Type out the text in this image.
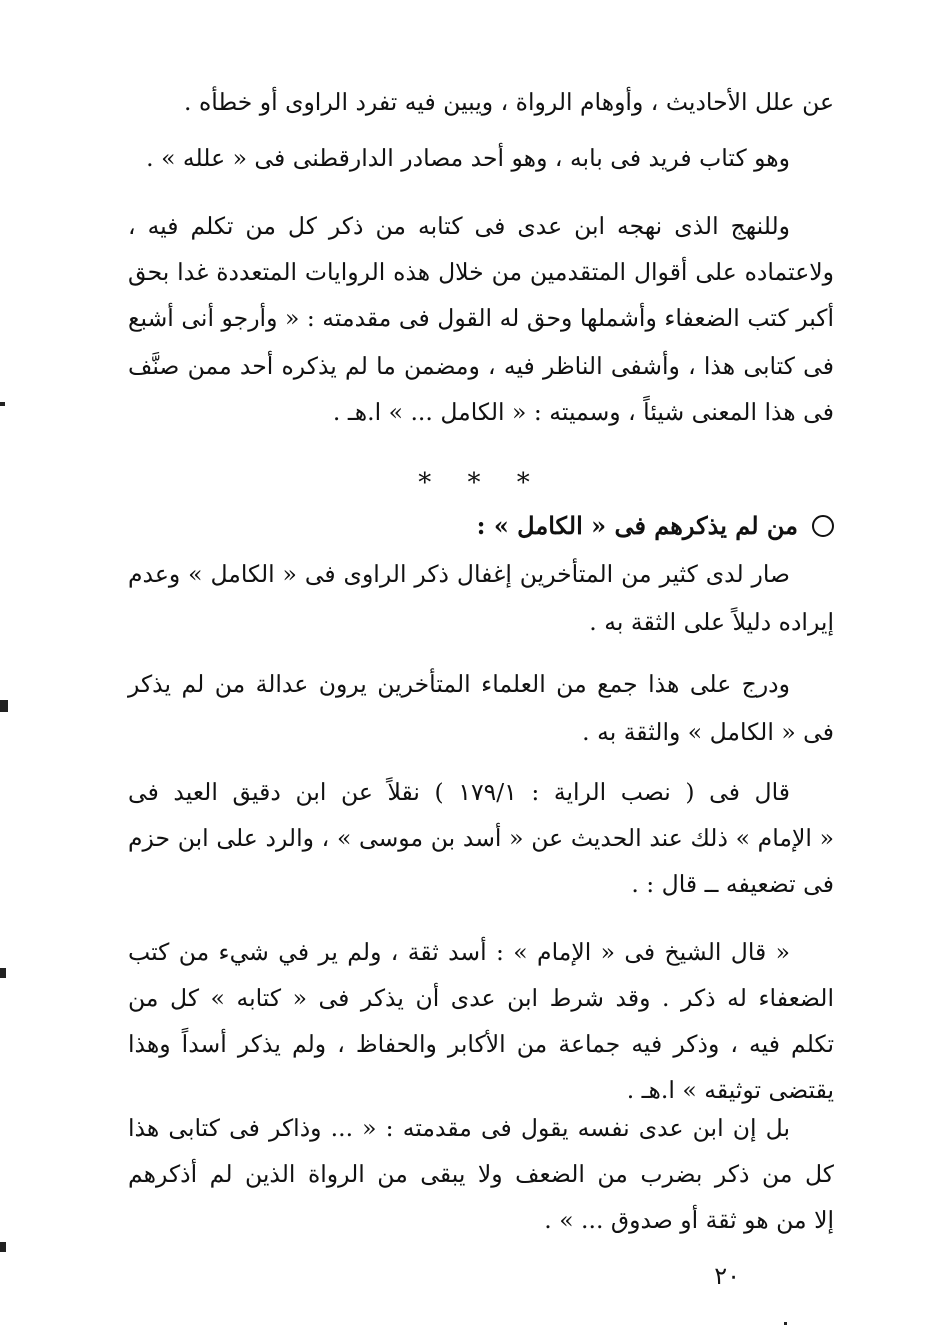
عن علل الأحاديث ، وأوهام الرواة ، ويبين فيه تفرد الراوى أو خطأه .
وهو كتاب فريد فى بابه ، وهو أحد مصادر الدارقطنى فى « علله » .
وللنهج الذى نهجه ابن عدى فى كتابه من ذكر كل من تكلم فيه ،
ولاعتماده على أقوال المتقدمين من خلال هذه الروايات المتعددة غدا بحق
أكبر كتب الضعفاء وأشملها وحق له القول فى مقدمته : « وأرجو أنى أشبع
فى كتابى هذا ، وأشفى الناظر فيه ، ومضمن ما لم يذكره أحد ممن صنَّف
فى هذا المعنى شيئاً ، وسميته : « الكامل ... » ا.هـ .
* * *
من لم يذكرهم فى « الكامل » :
صار لدى كثير من المتأخرين إغفال ذكر الراوى فى « الكامل » وعدم
إيراده دليلاً على الثقة به .
ودرج على هذا جمع من العلماء المتأخرين يرون عدالة من لم يذكر
فى « الكامل » والثقة به .
قال فى ( نصب الراية : ١٧٩/١ ) نقلاً عن ابن دقيق العيد فى
« الإمام » ذلك عند الحديث عن « أسد بن موسى » ، والرد على ابن حزم
فى تضعيفه ــ قال : .
« قال الشيخ فى « الإمام » : أسد ثقة ، ولم ير في شيء من كتب
الضعفاء له ذكر . وقد شرط ابن عدى أن يذكر فى « كتابه » كل من
تكلم فيه ، وذكر فيه جماعة من الأكابر والحفاظ ، ولم يذكر أسداً وهذا
يقتضى توثيقه » ا.هـ .
بل إن ابن عدى نفسه يقول فى مقدمته : « ... وذاكر فى كتابى هذا
كل من ذكر بضرب من الضعف ولا يبقى من الرواة الذين لم أذكرهم
إلا من هو ثقة أو صدوق ... » .
٢٠
